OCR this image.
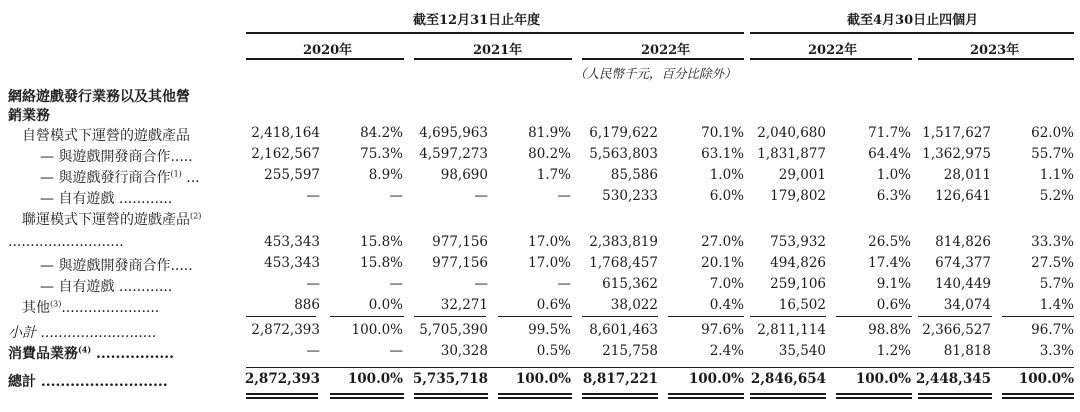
截至12月31日止年度	截至4月30日止四個月
2020年	2021年	2022年	2022年	2023年
（人民幣千元，百分比除外）
網絡遊戲發行業務以及其他營
銷業務
自營模式下運營的遊戲產品	2,418,164	84.2% 4,695,963	81.9% 6,179,622	70.1% 2,040,680	71.7% 1,517,627	62.0%
— 與遊戲開發商合作.....	2,162,567	75.3% 4,597,273	80.2% 5,563,803	63.1% 1,831,877	64.4% 1,362,975	55.7%
— 與遊戲發行商合作$^{(1)}$ ...	255,597	8.9%	98,690	1.7%	85,586	1.0%	29,001	1.0% 28,011	1.1%
— 自有遊戲 ............	—	—	—	— 530,233	6.0% 179,802	6.3% 126,641	5.2%
聯運模式下運營的遊戲產品$^{(2)}$
..........................	453,343	15.8% 977,156	17.0% 2,383,819	27.0% 753,932	26.5% 814,826	33.3%
— 與遊戲開發商合作.....	453,343	15.8% 977,156	17.0% 1,768,457	20.1% 494,826	17.4% 674,377	27.5%
— 自有遊戲 ............	—	—	—	— 615,362	7.0% 259,106	9.1% 140,449	5.7%
其他$^{(3)}$......................	886	0.0%	32,271	0.6%	38,022	0.4%	16,502	0.6% 34,074	1.4%
小計 ..........................	2,872,393 100.0% 5,705,390	99.5% 8,601,463	97.6% 2,811,114	98.8% 2,366,527	96.7%
消費品業務$^{(4)}$ ................	—	—	30,328	0.5% 215,758	2.4%	35,540	1.2% 81,818	3.3%
總計 ..........................	2,872,393 100.0% 5,735,718 100.0% 8,817,221 100.0% 2,846,654 100.0% 2,448,345 100.0%
